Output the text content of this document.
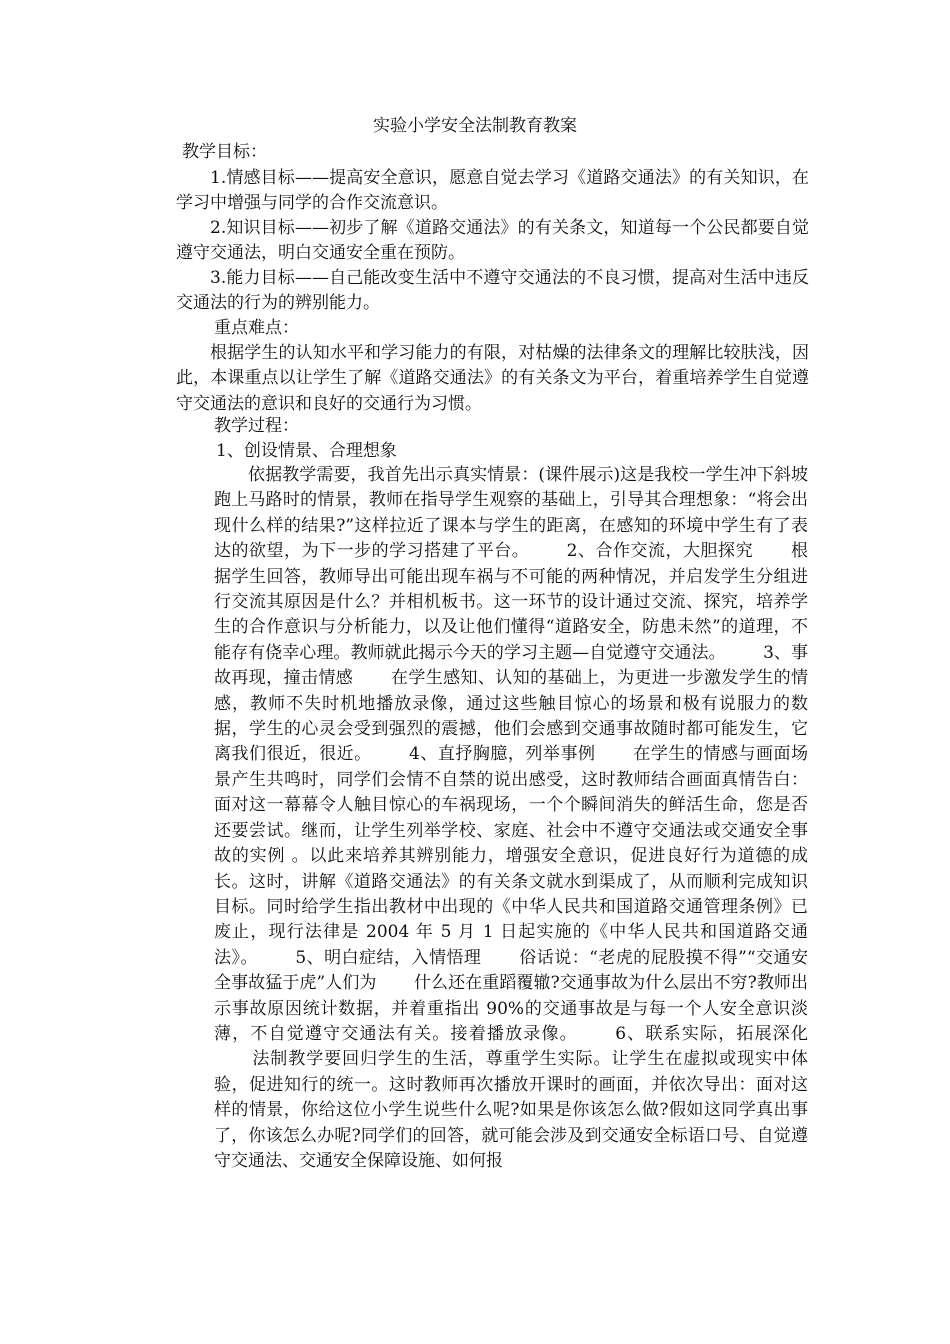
实验小学安全法制教育教案
教学目标：

1.情感目标——提高安全意识，愿意自觉去学习《道路交通法》的有关知识，在学习中增强与同学的合作交流意识。

2.知识目标——初步了解《道路交通法》的有关条文，知道每一个公民都要自觉遵守交通法，明白交通安全重在预防。

3.能力目标——自己能改变生活中不遵守交通法的不良习惯，提高对生活中违反交通法的行为的辨别能力。

重点难点：

根据学生的认知水平和学习能力的有限，对枯燥的法律条文的理解比较肤浅，因此，本课重点以让学生了解《道路交通法》的有关条文为平台，着重培养学生自觉遵守交通法的意识和良好的交通行为习惯。

教学过程：
1、创设情景、合理想象
依据教学需要，我首先出示真实情景：(课件展示)这是我校一学生冲下斜坡跑上马路时的情景，教师在指导学生观察的基础上，引导其合理想象：“将会出现什么样的结果?”这样拉近了课本与学生的距离，在感知的环境中学生有了表达的欲望，为下一步的学习搭建了平台。 2、合作交流，大胆探究 根据学生回答，教师导出可能出现车祸与不可能的两种情况，并启发学生分组进行交流其原因是什么？并相机板书。这一环节的设计通过交流、探究，培养学生的合作意识与分析能力，以及让他们懂得“道路安全，防患未然”的道理，不能存有侥幸心理。教师就此揭示今天的学习主题—自觉遵守交通法。 3、事故再现，撞击情感 在学生感知、认知的基础上，为更进一步激发学生的情感，教师不失时机地播放录像，通过这些触目惊心的场景和极有说服力的数据，学生的心灵会受到强烈的震撼，他们会感到交通事故随时都可能发生，它离我们很近，很近。 4、直抒胸臆，列举事例 在学生的情感与画面场景产生共鸣时，同学们会情不自禁的说出感受，这时教师结合画面真情告白：面对这一幕幕令人触目惊心的车祸现场，一个个瞬间消失的鲜活生命，您是否还要尝试。继而，让学生列举学校、家庭、社会中不遵守交通法或交通安全事故的实例 。以此来培养其辨别能力，增强安全意识，促进良好行为道德的成长。这时，讲解《道路交通法》的有关条文就水到渠成了，从而顺利完成知识目标。同时给学生指出教材中出现的《中华人民共和国道路交通管理条例》已废止，现行法律是 2004 年 5 月 1 日起实施的《中华人民共和国道路交通法》。 5、明白症结，入情悟理 俗话说：“老虎的屁股摸不得”“交通安全事故猛于虎”人们为 什么还在重蹈覆辙?交通事故为什么层出不穷?教师出示事故原因统计数据，并着重指出 90%的交通事故是与每一个人安全意识淡薄，不自觉遵守交通法有关。接着播放录像。 6、联系实际，拓展深化法制教学要回归学生的生活，尊重学生实际。让学生在虚拟或现实中体验，促进知行的统一。这时教师再次播放开课时的画面，并依次导出：面对这样的情景，你给这位小学生说些什么呢?如果是你该怎么做?假如这同学真出事了，你该怎么办呢?同学们的回答，就可能会涉及到交通安全标语口号、自觉遵守交通法、交通安全保障设施、如何报
